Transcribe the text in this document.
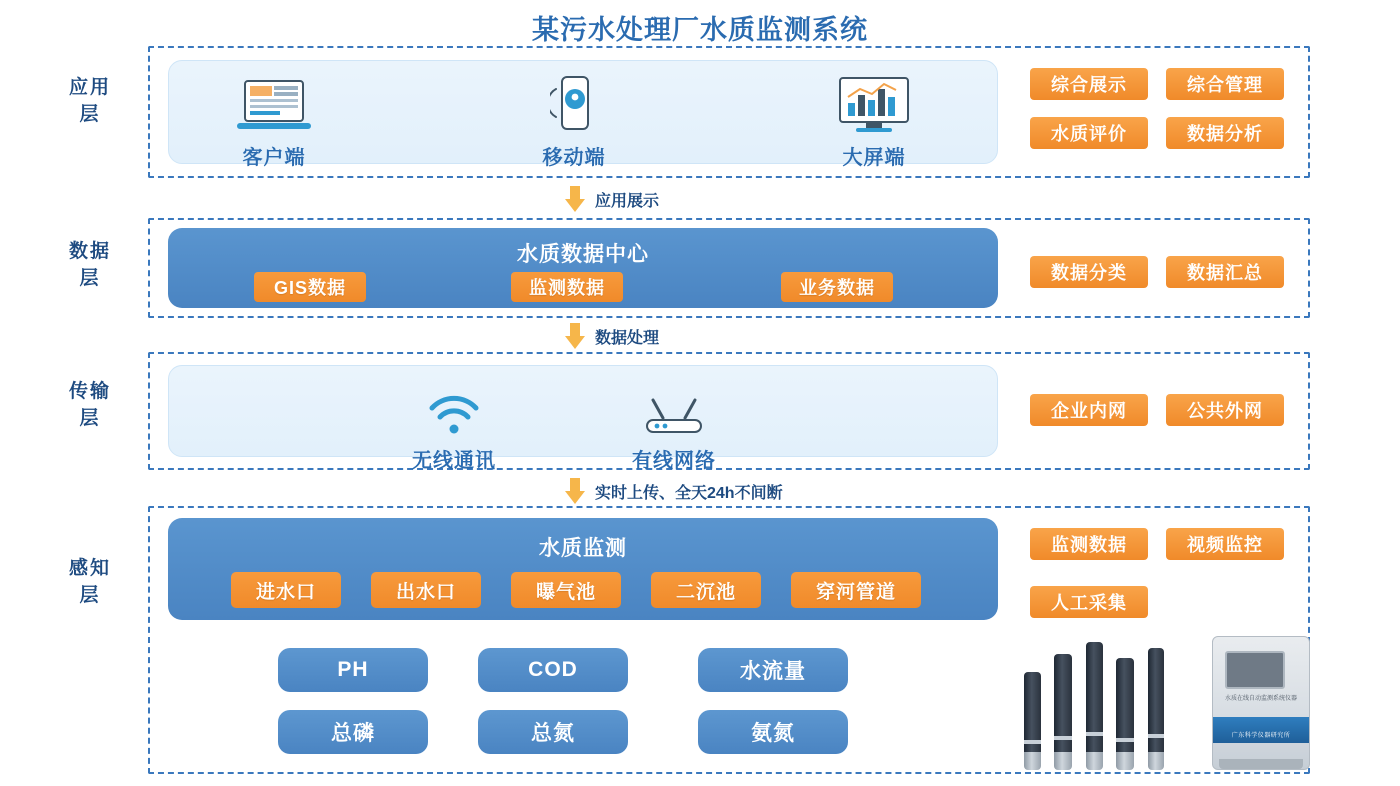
某污水处理厂水质监测系统
应用层
数据层
传输层
感知层
客户端	移动端	大屏端
综合展示	综合管理
水质评价	数据分析
应用展示
水质数据中心
GIS数据	监测数据	业务数据
数据分类	数据汇总
数据处理
无线通讯	有线网络
企业内网	公共外网
实时上传、全天24h不间断
水质监测
进水口	出水口	曝气池	二沉池	穿河管道
监测数据	视频监控
人工采集
PH	COD	水流量
总磷	总氮	氨氮
水质在线自动监测系统仪器
广东科学仪器研究所
